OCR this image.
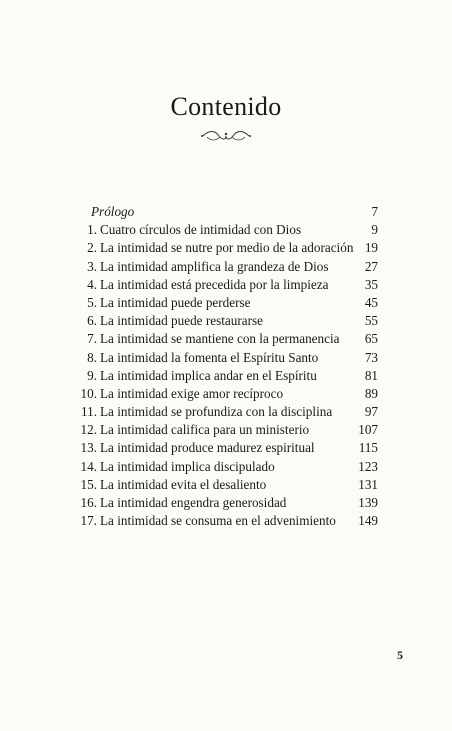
Contenido
Prólogo	7
1. Cuatro círculos de intimidad con Dios	9
2. La intimidad se nutre por medio de la adoración 19
3. La intimidad amplifica la grandeza de Dios	27
4. La intimidad está precedida por la limpieza	35
5. La intimidad puede perderse	45
6. La intimidad puede restaurarse	55
7. La intimidad se mantiene con la permanencia 65
8. La intimidad la fomenta el Espíritu Santo	73
9. La intimidad implica andar en el Espíritu	81
10. La intimidad exige amor recíproco	89
11. La intimidad se profundiza con la disciplina 97
12. La intimidad califica para un ministerio	107
13. La intimidad produce madurez espiritual	115
14. La intimidad implica discipulado	123
15. La intimidad evita el desaliento	131
16. La intimidad engendra generosidad	139
17. La intimidad se consuma en el advenimiento 149
5
